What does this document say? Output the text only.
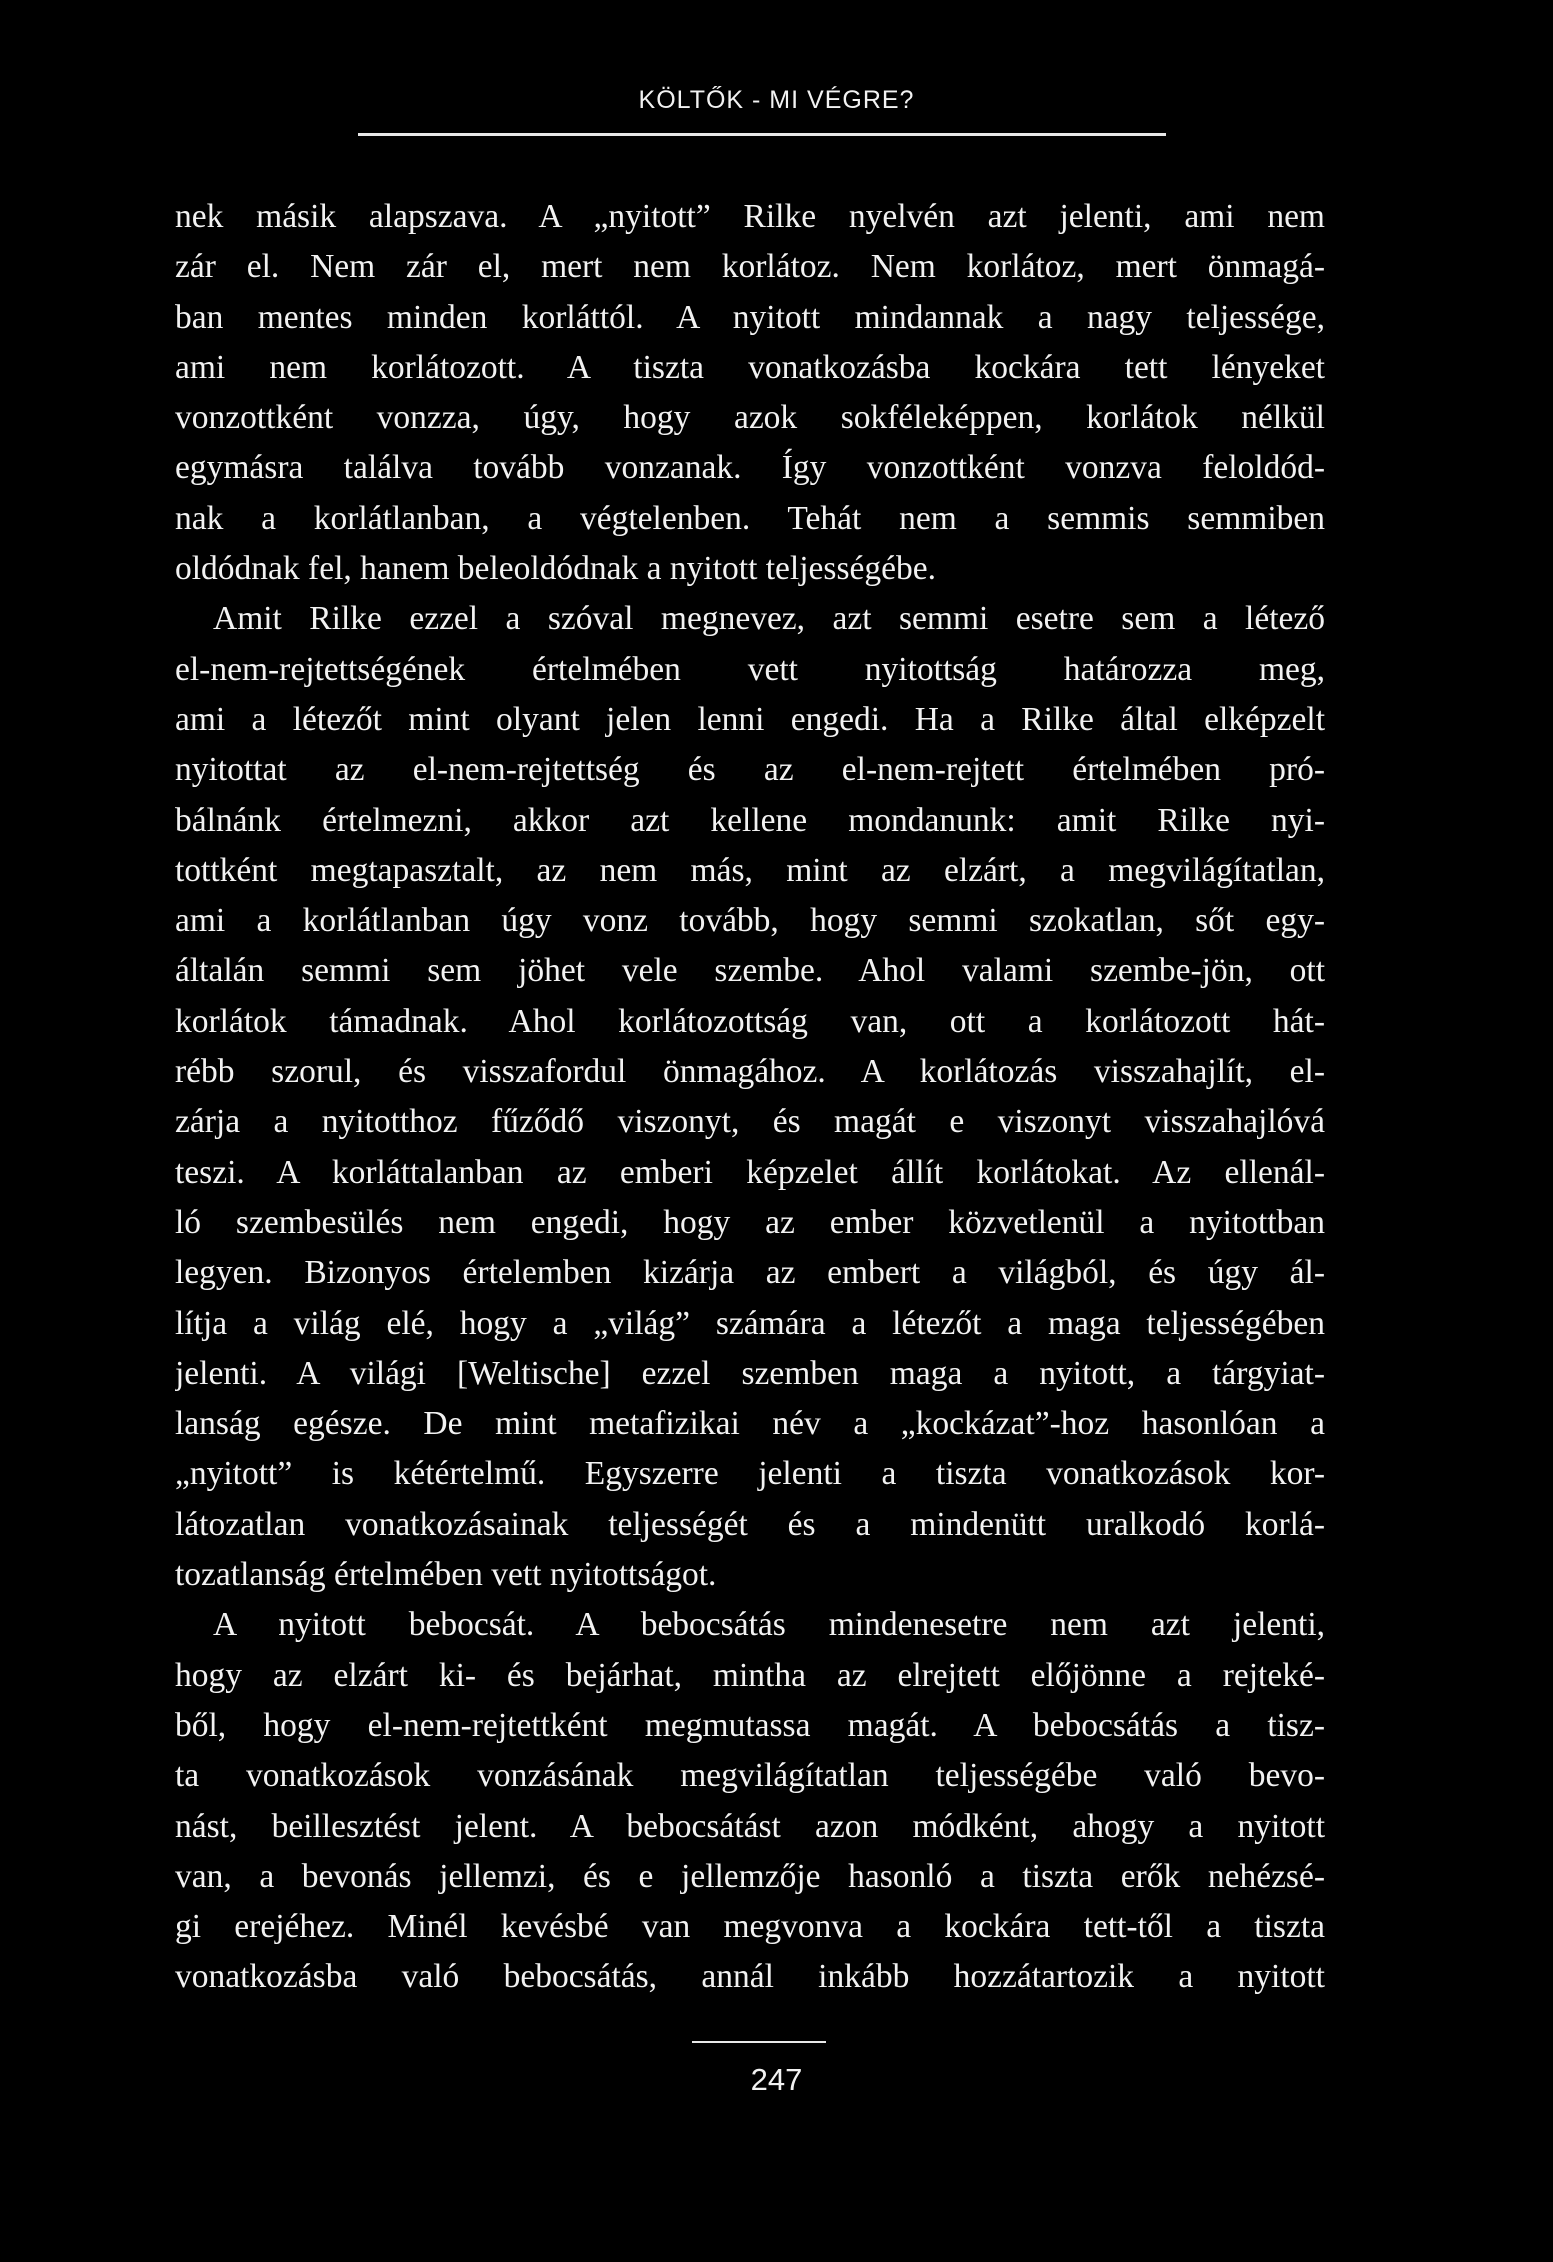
KÖLTŐK - MI VÉGRE?
nek másik alapszava. A „nyitott” Rilke nyelvén azt jelenti, ami nem
zár el. Nem zár el, mert nem korlátoz. Nem korlátoz, mert önmagá-
ban mentes minden korláttól. A nyitott mindannak a nagy teljessége,
ami nem korlátozott. A tiszta vonatkozásba kockára tett lényeket
vonzottként vonzza, úgy, hogy azok sokféleképpen, korlátok nélkül
egymásra találva tovább vonzanak. Így vonzottként vonzva feloldód-
nak a korlátlanban, a végtelenben. Tehát nem a semmis semmiben
oldódnak fel, hanem beleoldódnak a nyitott teljességébe.
Amit Rilke ezzel a szóval megnevez, azt semmi esetre sem a létező
el-nem-rejtettségének értelmében vett nyitottság határozza meg,
ami a létezőt mint olyant jelen lenni engedi. Ha a Rilke által elképzelt
nyitottat az el-nem-rejtettség és az el-nem-rejtett értelmében pró-
bálnánk értelmezni, akkor azt kellene mondanunk: amit Rilke nyi-
tottként megtapasztalt, az nem más, mint az elzárt, a megvilágítatlan,
ami a korlátlanban úgy vonz tovább, hogy semmi szokatlan, sőt egy-
általán semmi sem jöhet vele szembe. Ahol valami szembe-jön, ott
korlátok támadnak. Ahol korlátozottság van, ott a korlátozott hát-
rébb szorul, és visszafordul önmagához. A korlátozás visszahajlít, el-
zárja a nyitotthoz fűződő viszonyt, és magát e viszonyt visszahajlóvá
teszi. A korláttalanban az emberi képzelet állít korlátokat. Az ellenál-
ló szembesülés nem engedi, hogy az ember közvetlenül a nyitottban
legyen. Bizonyos értelemben kizárja az embert a világból, és úgy ál-
lítja a világ elé, hogy a „világ” számára a létezőt a maga teljességében
jelenti. A világi [Weltische] ezzel szemben maga a nyitott, a tárgyiat-
lanság egésze. De mint metafizikai név a „kockázat”-hoz hasonlóan a
„nyitott” is kétértelmű. Egyszerre jelenti a tiszta vonatkozások kor-
látozatlan vonatkozásainak teljességét és a mindenütt uralkodó korlá-
tozatlanság értelmében vett nyitottságot.
A nyitott bebocsát. A bebocsátás mindenesetre nem azt jelenti,
hogy az elzárt ki- és bejárhat, mintha az elrejtett előjönne a rejteké-
ből, hogy el-nem-rejtettként megmutassa magát. A bebocsátás a tisz-
ta vonatkozások vonzásának megvilágítatlan teljességébe való bevo-
nást, beillesztést jelent. A bebocsátást azon módként, ahogy a nyitott
van, a bevonás jellemzi, és e jellemzője hasonló a tiszta erők nehézsé-
gi erejéhez. Minél kevésbé van megvonva a kockára tett-től a tiszta
vonatkozásba való bebocsátás, annál inkább hozzátartozik a nyitott
247
